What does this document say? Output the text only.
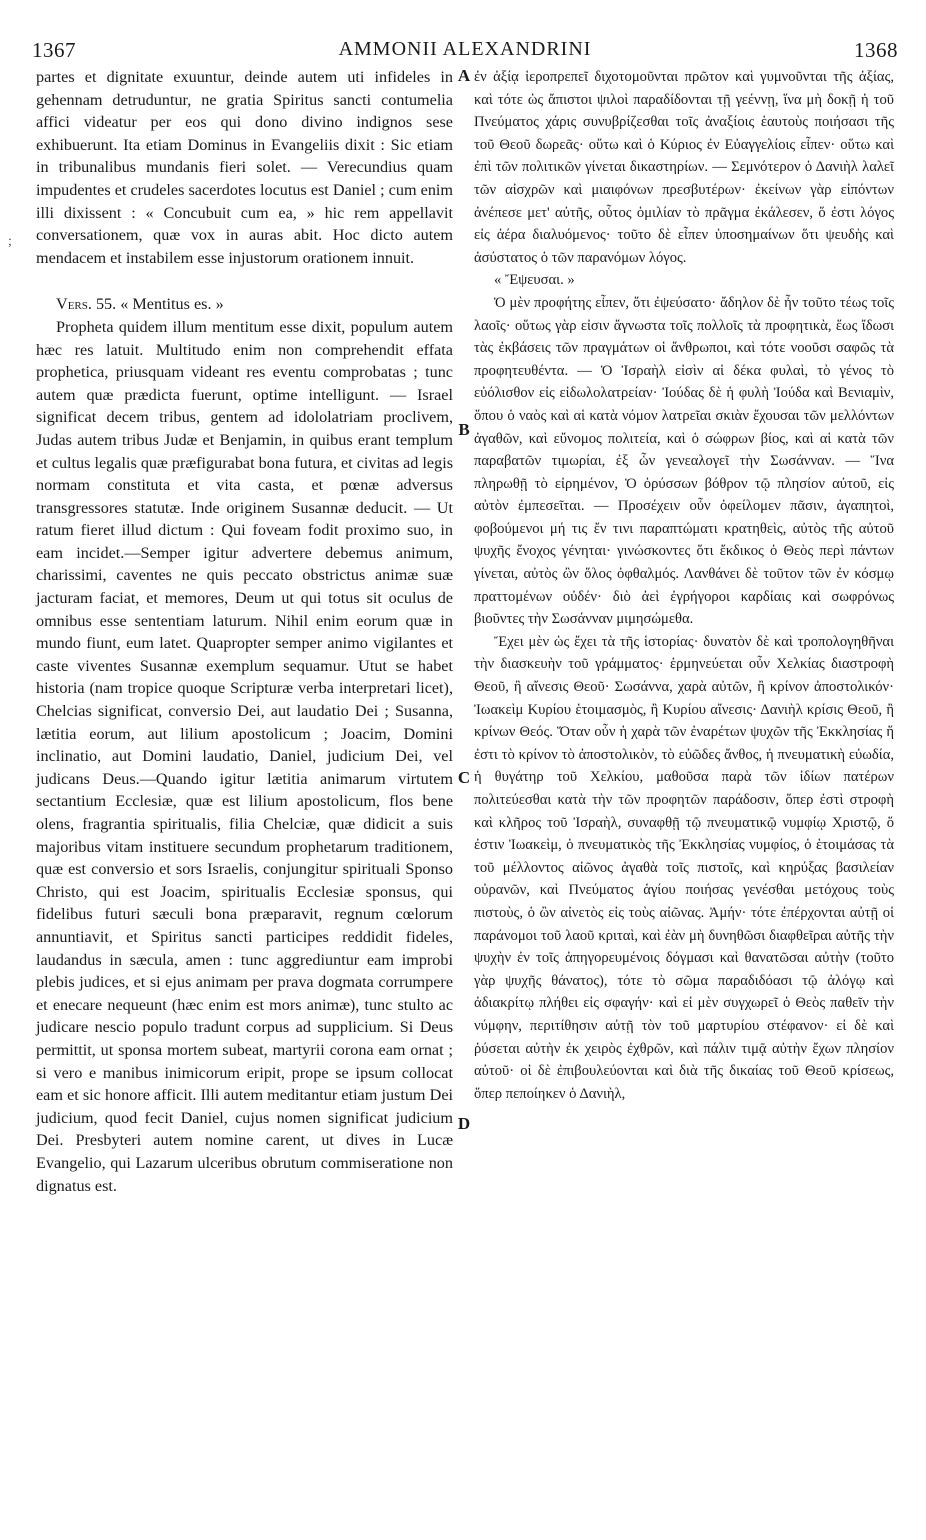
1367	AMMONII ALEXANDRINI	1368
;

partes et dignitate exuuntur, deinde autem uti infideles in gehennam detruduntur, ne gratia Spiritus sancti contumelia affici videatur per eos qui dono divino indignos sese exhibuerunt. Ita etiam Dominus in Evangeliis dixit : Sic etiam in tribunalibus mundanis fieri solet. — Verecundius quam impudentes et crudeles sacerdotes locutus est Daniel ; cum enim illi dixissent : « Concubuit cum ea, » hic rem appellavit conversationem, quæ vox in auras abit. Hoc dicto autem mendacem et instabilem esse injustorum orationem innuit.

Vers. 55. « Mentitus es. »

Propheta quidem illum mentitum esse dixit, populum autem hæc res latuit. Multitudo enim non comprehendit effata prophetica, priusquam videant res eventu comprobatas ; tunc autem quæ prædicta fuerunt, optime intelligunt. — Israel significat decem tribus, gentem ad idololatriam proclivem, Judas autem tribus Judæ et Benjamin, in quibus erant templum et cultus legalis quæ præfigurabat bona futura, et civitas ad legis normam constituta et vita casta, et pœnæ adversus transgressores statutæ. Inde originem Susannæ deducit. — Ut ratum fieret illud dictum : Qui foveam fodit proximo suo, in eam incidet.—Semper igitur advertere debemus animum, charissimi, caventes ne quis peccato obstrictus animæ suæ jacturam faciat, et memores, Deum ut qui totus sit oculus de omnibus esse sententiam laturum. Nihil enim eorum quæ in mundo fiunt, eum latet. Quapropter semper animo vigilantes et caste viventes Susannæ exemplum sequamur. Utut se habet historia (nam tropice quoque Scripturæ verba interpretari licet), Chelcias significat, conversio Dei, aut laudatio Dei ; Susanna, lætitia eorum, aut lilium apostolicum ; Joacim, Domini inclinatio, aut Domini laudatio, Daniel, judicium Dei, vel judicans Deus.—Quando igitur lætitia animarum virtutem sectantium Ecclesiæ, quæ est lilium apostolicum, flos bene olens, fragrantia spiritualis, filia Chelciæ, quæ didicit a suis majoribus vitam instituere secundum prophetarum traditionem, quæ est conversio et sors Israelis, conjungitur spirituali Sponso Christo, qui est Joacim, spiritualis Ecclesiæ sponsus, qui fidelibus futuri sæculi bona præparavit, regnum cœlorum annuntiavit, et Spiritus sancti participes reddidit fideles, laudandus in sæcula, amen : tunc aggrediuntur eam improbi plebis judices, et si ejus animam per prava dogmata corrumpere et enecare nequeunt (hæc enim est mors animæ), tunc stulto ac judicare nescio populo tradunt corpus ad supplicium. Si Deus permittit, ut sponsa mortem subeat, martyrii corona eam ornat ; si vero e manibus inimicorum eripit, prope se ipsum collocat eam et sic honore afficit. Illi autem meditantur etiam justum Dei judicium, quod fecit Daniel, cujus nomen significat judicium Dei. Presbyteri autem nomine carent, ut dives in Lucæ Evangelio, qui Lazarum ulceribus obrutum commiseratione non dignatus est.

A
B
C
D

ἐν ἀξίᾳ ἱεροπρεπεῖ διχοτομοῦνται πρῶτον καὶ γυμνοῦνται τῆς ἀξίας, καὶ τότε ὡς ἄπιστοι ψιλοὶ παραδίδονται τῇ γεέννῃ, ἵνα μὴ δοκῇ ἡ τοῦ Πνεύματος χάρις συνυβρίζεσθαι τοῖς ἀναξίοις ἑαυτοὺς ποιήσασι τῆς τοῦ Θεοῦ δωρεᾶς· οὕτω καὶ ὁ Κύριος ἐν Εὐαγγελίοις εἶπεν· οὕτω καὶ ἐπὶ τῶν πολιτικῶν γίνεται δικαστηρίων. — Σεμνότερον ὁ Δανιὴλ λαλεῖ τῶν αἰσχρῶν καὶ μιαιφόνων πρεσβυτέρων· ἐκείνων γὰρ εἰπόντων ἀνέπεσε μετ' αὐτῆς, οὗτος ὁμιλίαν τὸ πρᾶγμα ἐκάλεσεν, ὅ ἐστι λόγος εἰς ἀέρα διαλυόμενος· τοῦτο δὲ εἶπεν ὑποσημαίνων ὅτι ψευδὴς καὶ ἀσύστατος ὁ τῶν παρανόμων λόγος.

« Ἔψευσαι. »

Ὁ μὲν προφήτης εἶπεν, ὅτι ἐψεύσατο· ἄδηλον δὲ ἦν τοῦτο τέως τοῖς λαοῖς· οὕτως γὰρ εἰσιν ἄγνωστα τοῖς πολλοῖς τὰ προφητικὰ, ἕως ἴδωσι τὰς ἐκβάσεις τῶν πραγμάτων οἱ ἄνθρωποι, καὶ τότε νοοῦσι σαφῶς τὰ προφητευθέντα. — Ὁ Ἰσραὴλ εἰσὶν αἱ δέκα φυλαὶ, τὸ γένος τὸ εὐόλισθον εἰς εἰδωλολατρείαν· Ἰούδας δὲ ἡ φυλὴ Ἰούδα καὶ Βενιαμὶν, ὅπου ὁ ναὸς καὶ αἱ κατὰ νόμον λατρεῖαι σκιὰν ἔχουσαι τῶν μελλόντων ἀγαθῶν, καὶ εὔνομος πολιτεία, καὶ ὁ σώφρων βίος, καὶ αἱ κατὰ τῶν παραβατῶν τιμωρίαι, ἐξ ὧν γενεαλογεῖ τὴν Σωσάνναν. — Ἵνα πληρωθῇ τὸ εἰρημένον, Ὁ ὀρύσσων βόθρον τῷ πλησίον αὐτοῦ, εἰς αὐτὸν ἐμπεσεῖται. — Προσέχειν οὖν ὀφείλομεν πᾶσιν, ἀγαπητοὶ, φοβούμενοι μή τις ἔν τινι παραπτώματι κρατηθεὶς, αὐτὸς τῆς αὐτοῦ ψυχῆς ἔνοχος γένηται· γινώσκοντες ὅτι ἔκδικος ὁ Θεὸς περὶ πάντων γίνεται, αὐτὸς ὢν ὅλος ὀφθαλμός. Λανθάνει δὲ τοῦτον τῶν ἐν κόσμῳ πραττομένων οὐδέν· διὸ ἀεὶ ἐγρήγοροι καρδίαις καὶ σωφρόνως βιοῦντες τὴν Σωσάνναν μιμησώμεθα.

Ἔχει μὲν ὡς ἔχει τὰ τῆς ἱστορίας· δυνατὸν δὲ καὶ τροπολογηθῆναι τὴν διασκευὴν τοῦ γράμματος· ἑρμηνεύεται οὖν Χελκίας διαστροφὴ Θεοῦ, ἢ αἴνεσις Θεοῦ· Σωσάννα, χαρὰ αὐτῶν, ἢ κρίνον ἀποστολικόν· Ἰωακεὶμ Κυρίου ἑτοιμασμὸς, ἢ Κυρίου αἴνεσις· Δανιὴλ κρίσις Θεοῦ, ἢ κρίνων Θεός. Ὅταν οὖν ἡ χαρὰ τῶν ἐναρέτων ψυχῶν τῆς Ἐκκλησίας ἥ ἐστι τὸ κρίνον τὸ ἀποστολικὸν, τὸ εὐῶδες ἄνθος, ἡ πνευματικὴ εὐωδία, ἡ θυγάτηρ τοῦ Χελκίου, μαθοῦσα παρὰ τῶν ἰδίων πατέρων πολιτεύεσθαι κατὰ τὴν τῶν προφητῶν παράδοσιν, ὅπερ ἐστὶ στροφὴ καὶ κλῆρος τοῦ Ἰσραὴλ, συναφθῇ τῷ πνευματικῷ νυμφίῳ Χριστῷ, ὅ ἐστιν Ἰωακεὶμ, ὁ πνευματικὸς τῆς Ἐκκλησίας νυμφίος, ὁ ἑτοιμάσας τὰ τοῦ μέλλοντος αἰῶνος ἀγαθὰ τοῖς πιστοῖς, καὶ κηρύξας βασιλείαν οὐρανῶν, καὶ Πνεύματος ἁγίου ποιήσας γενέσθαι μετόχους τοὺς πιστοὺς, ὁ ὢν αἰνετὸς εἰς τοὺς αἰῶνας. Ἀμήν· τότε ἐπέρχονται αὐτῇ οἱ παράνομοι τοῦ λαοῦ κριταὶ, καὶ ἐὰν μὴ δυνηθῶσι διαφθεῖραι αὐτῆς τὴν ψυχὴν ἐν τοῖς ἀπηγορευμένοις δόγμασι καὶ θανατῶσαι αὐτὴν (τοῦτο γὰρ ψυχῆς θάνατος), τότε τὸ σῶμα παραδιδόασι τῷ ἀλόγῳ καὶ ἀδιακρίτῳ πλήθει εἰς σφαγήν· καὶ εἰ μὲν συγχωρεῖ ὁ Θεὸς παθεῖν τὴν νύμφην, περιτίθησιν αὐτῇ τὸν τοῦ μαρτυρίου στέφανον· εἰ δὲ καὶ ῥύσεται αὐτὴν ἐκ χειρὸς ἐχθρῶν, καὶ πάλιν τιμᾷ αὐτὴν ἔχων πλησίον αὐτοῦ· οἱ δὲ ἐπιβουλεύονται καὶ διὰ τῆς δικαίας τοῦ Θεοῦ κρίσεως, ὅπερ πεποίηκεν ὁ Δανιὴλ,
